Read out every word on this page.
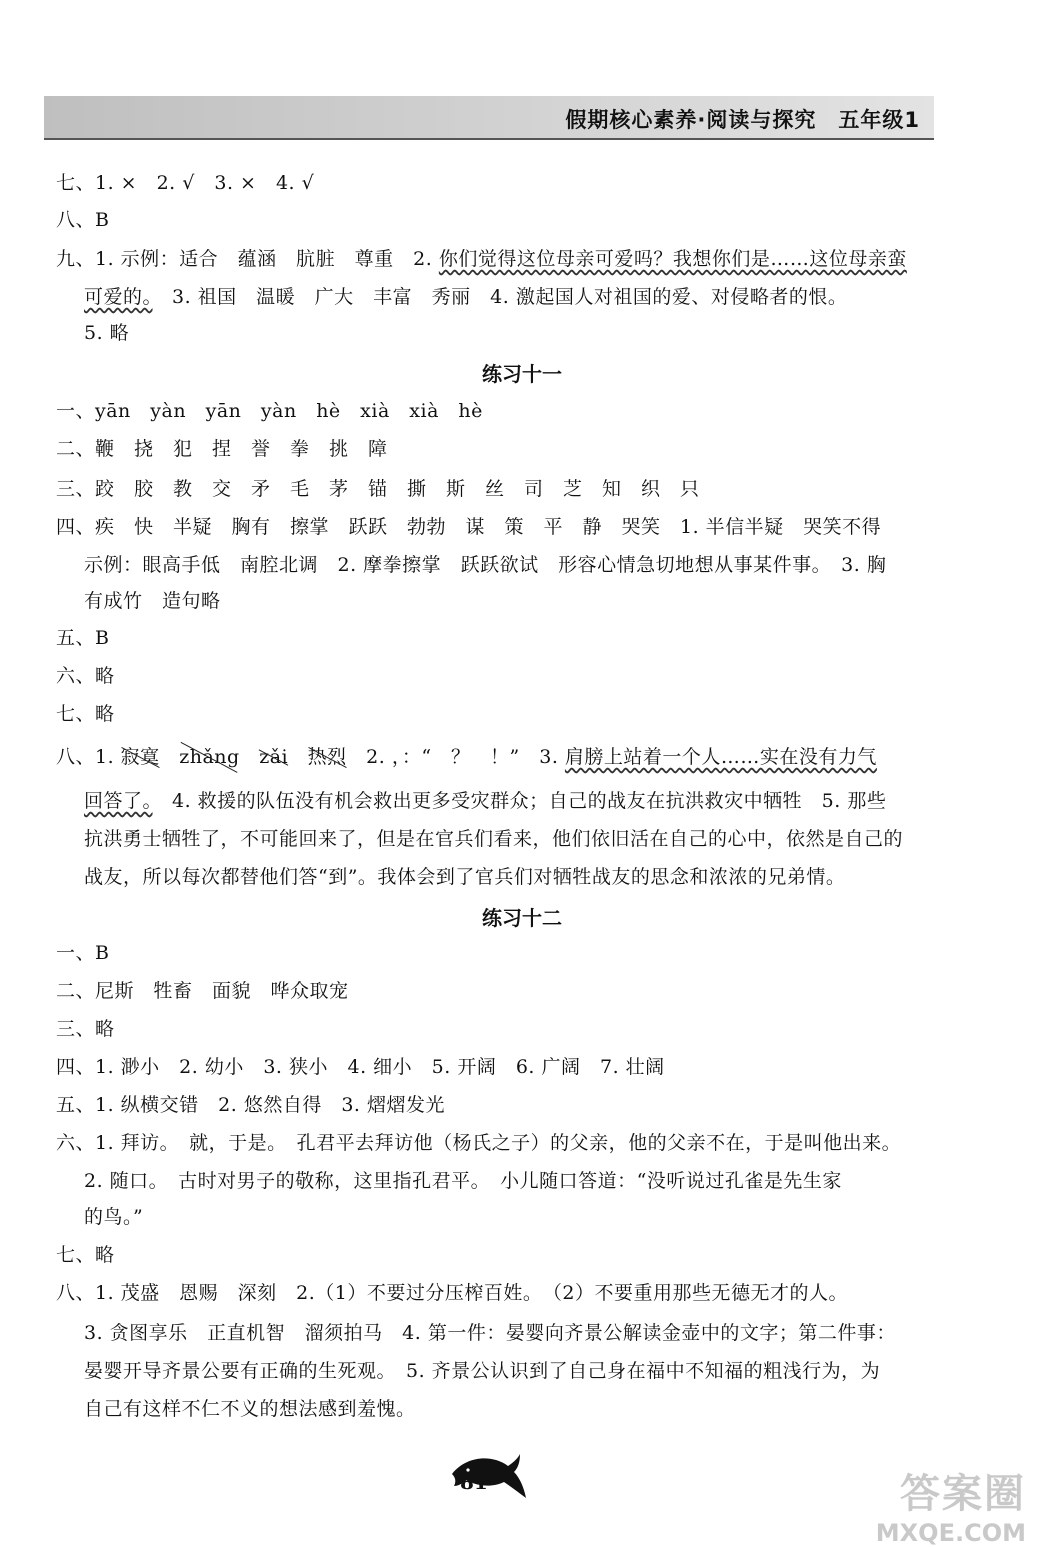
假期核心素养·阅读与探究　五年级1
七、1. ×　2. √　3. ×　4. √
八、B
九、1. 示例：适合　蕴涵　肮脏　尊重　2. 你们觉得这位母亲可爱吗？我想你们是……这位母亲蛮
可爱的。　3. 祖国　温暖　广大　丰富　秀丽　4. 激起国人对祖国的爱、对侵略者的恨。
5. 略
练习十一
一、yān　yàn　yān　yàn　hè　xià　xià　hè
二、鞭　挠　犯　捏　誉　拳　挑　障
三、跤　胶　教　交　矛　毛　茅　锚　撕　斯　丝　司　芝　知　织　只
四、疾　快　半疑　胸有　擦掌　跃跃　勃勃　谋　策　平　静　哭笑　1. 半信半疑　哭笑不得
示例：眼高手低　南腔北调　2. 摩拳擦掌　跃跃欲试　形容心情急切地想从事某件事。　3. 胸
有成竹　造句略
五、B
六、略
七、略
八、1. 寂寞　 zhǎng　 zǎi　 热烈　2. ，：“　？　！”　3. 肩膀上站着一个人……实在没有力气
回答了。　4. 救援的队伍没有机会救出更多受灾群众；自己的战友在抗洪救灾中牺牲　5. 那些
抗洪勇士牺牲了，不可能回来了，但是在官兵们看来，他们依旧活在自己的心中，依然是自己的
战友，所以每次都替他们答“到”。我体会到了官兵们对牺牲战友的思念和浓浓的兄弟情。
练习十二
一、B
二、尼斯　牲畜　面貌　哗众取宠
三、略
四、1. 渺小　2. 幼小　3. 狭小　4. 细小　5. 开阔　6. 广阔　7. 壮阔
五、1. 纵横交错　2. 悠然自得　3. 熠熠发光
六、1. 拜访。　就，于是。　孔君平去拜访他（杨氏之子）的父亲，他的父亲不在，于是叫他出来。
2. 随口。　古时对男子的敬称，这里指孔君平。　小儿随口答道：“没听说过孔雀是先生家
的鸟。”
七、略
八、1. 茂盛　恩赐　深刻　2.（1）不要过分压榨百姓。　（2）不要重用那些无德无才的人。
3. 贪图享乐　正直机智　溜须拍马　4. 第一件：晏婴向齐景公解读金壶中的文字；第二件事：
晏婴开导齐景公要有正确的生死观。　5. 齐景公认识到了自己身在福中不知福的粗浅行为，为
自己有这样不仁不义的想法感到羞愧。
81	答案圈
MXQE.COM
